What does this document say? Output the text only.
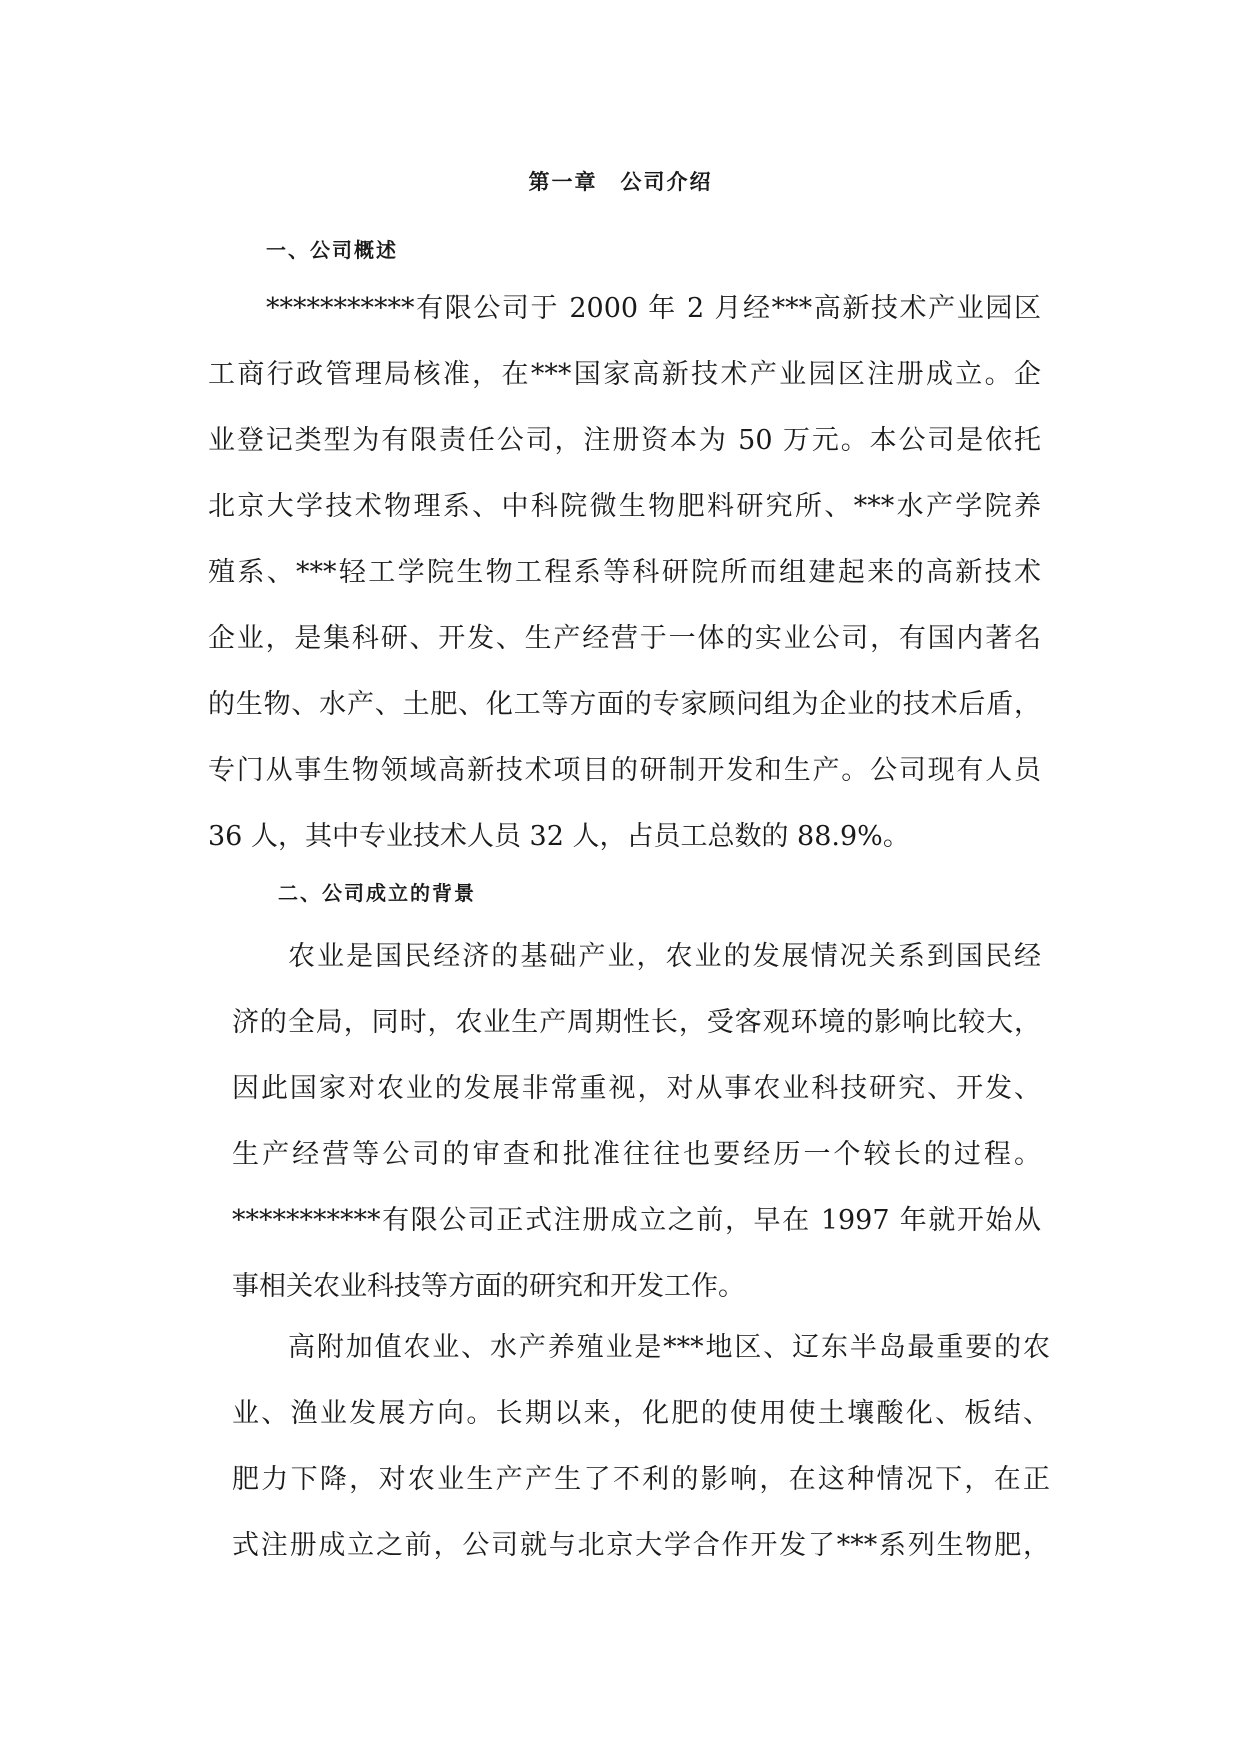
第一章　公司介绍
一、公司概述

***********有限公司于 2000 年 2 月经***高新技术产业园区
工商行政管理局核准，在***国家高新技术产业园区注册成立。企
业登记类型为有限责任公司，注册资本为 50 万元。本公司是依托
北京大学技术物理系、中科院微生物肥料研究所、***水产学院养
殖系、***轻工学院生物工程系等科研院所而组建起来的高新技术
企业，是集科研、开发、生产经营于一体的实业公司，有国内著名
的生物、水产、土肥、化工等方面的专家顾问组为企业的技术后盾，
专门从事生物领域高新技术项目的研制开发和生产。公司现有人员
36 人，其中专业技术人员 32 人，占员工总数的 88.9%。

二、公司成立的背景

农业是国民经济的基础产业，农业的发展情况关系到国民经
济的全局，同时，农业生产周期性长，受客观环境的影响比较大，
因此国家对农业的发展非常重视，对从事农业科技研究、开发、
生产经营等公司的审查和批准往往也要经历一个较长的过程。
***********有限公司正式注册成立之前，早在 1997 年就开始从
事相关农业科技等方面的研究和开发工作。

高附加值农业、水产养殖业是***地区、辽东半岛最重要的农
业、渔业发展方向。长期以来，化肥的使用使土壤酸化、板结、
肥力下降，对农业生产产生了不利的影响，在这种情况下，在正
式注册成立之前，公司就与北京大学合作开发了***系列生物肥，
